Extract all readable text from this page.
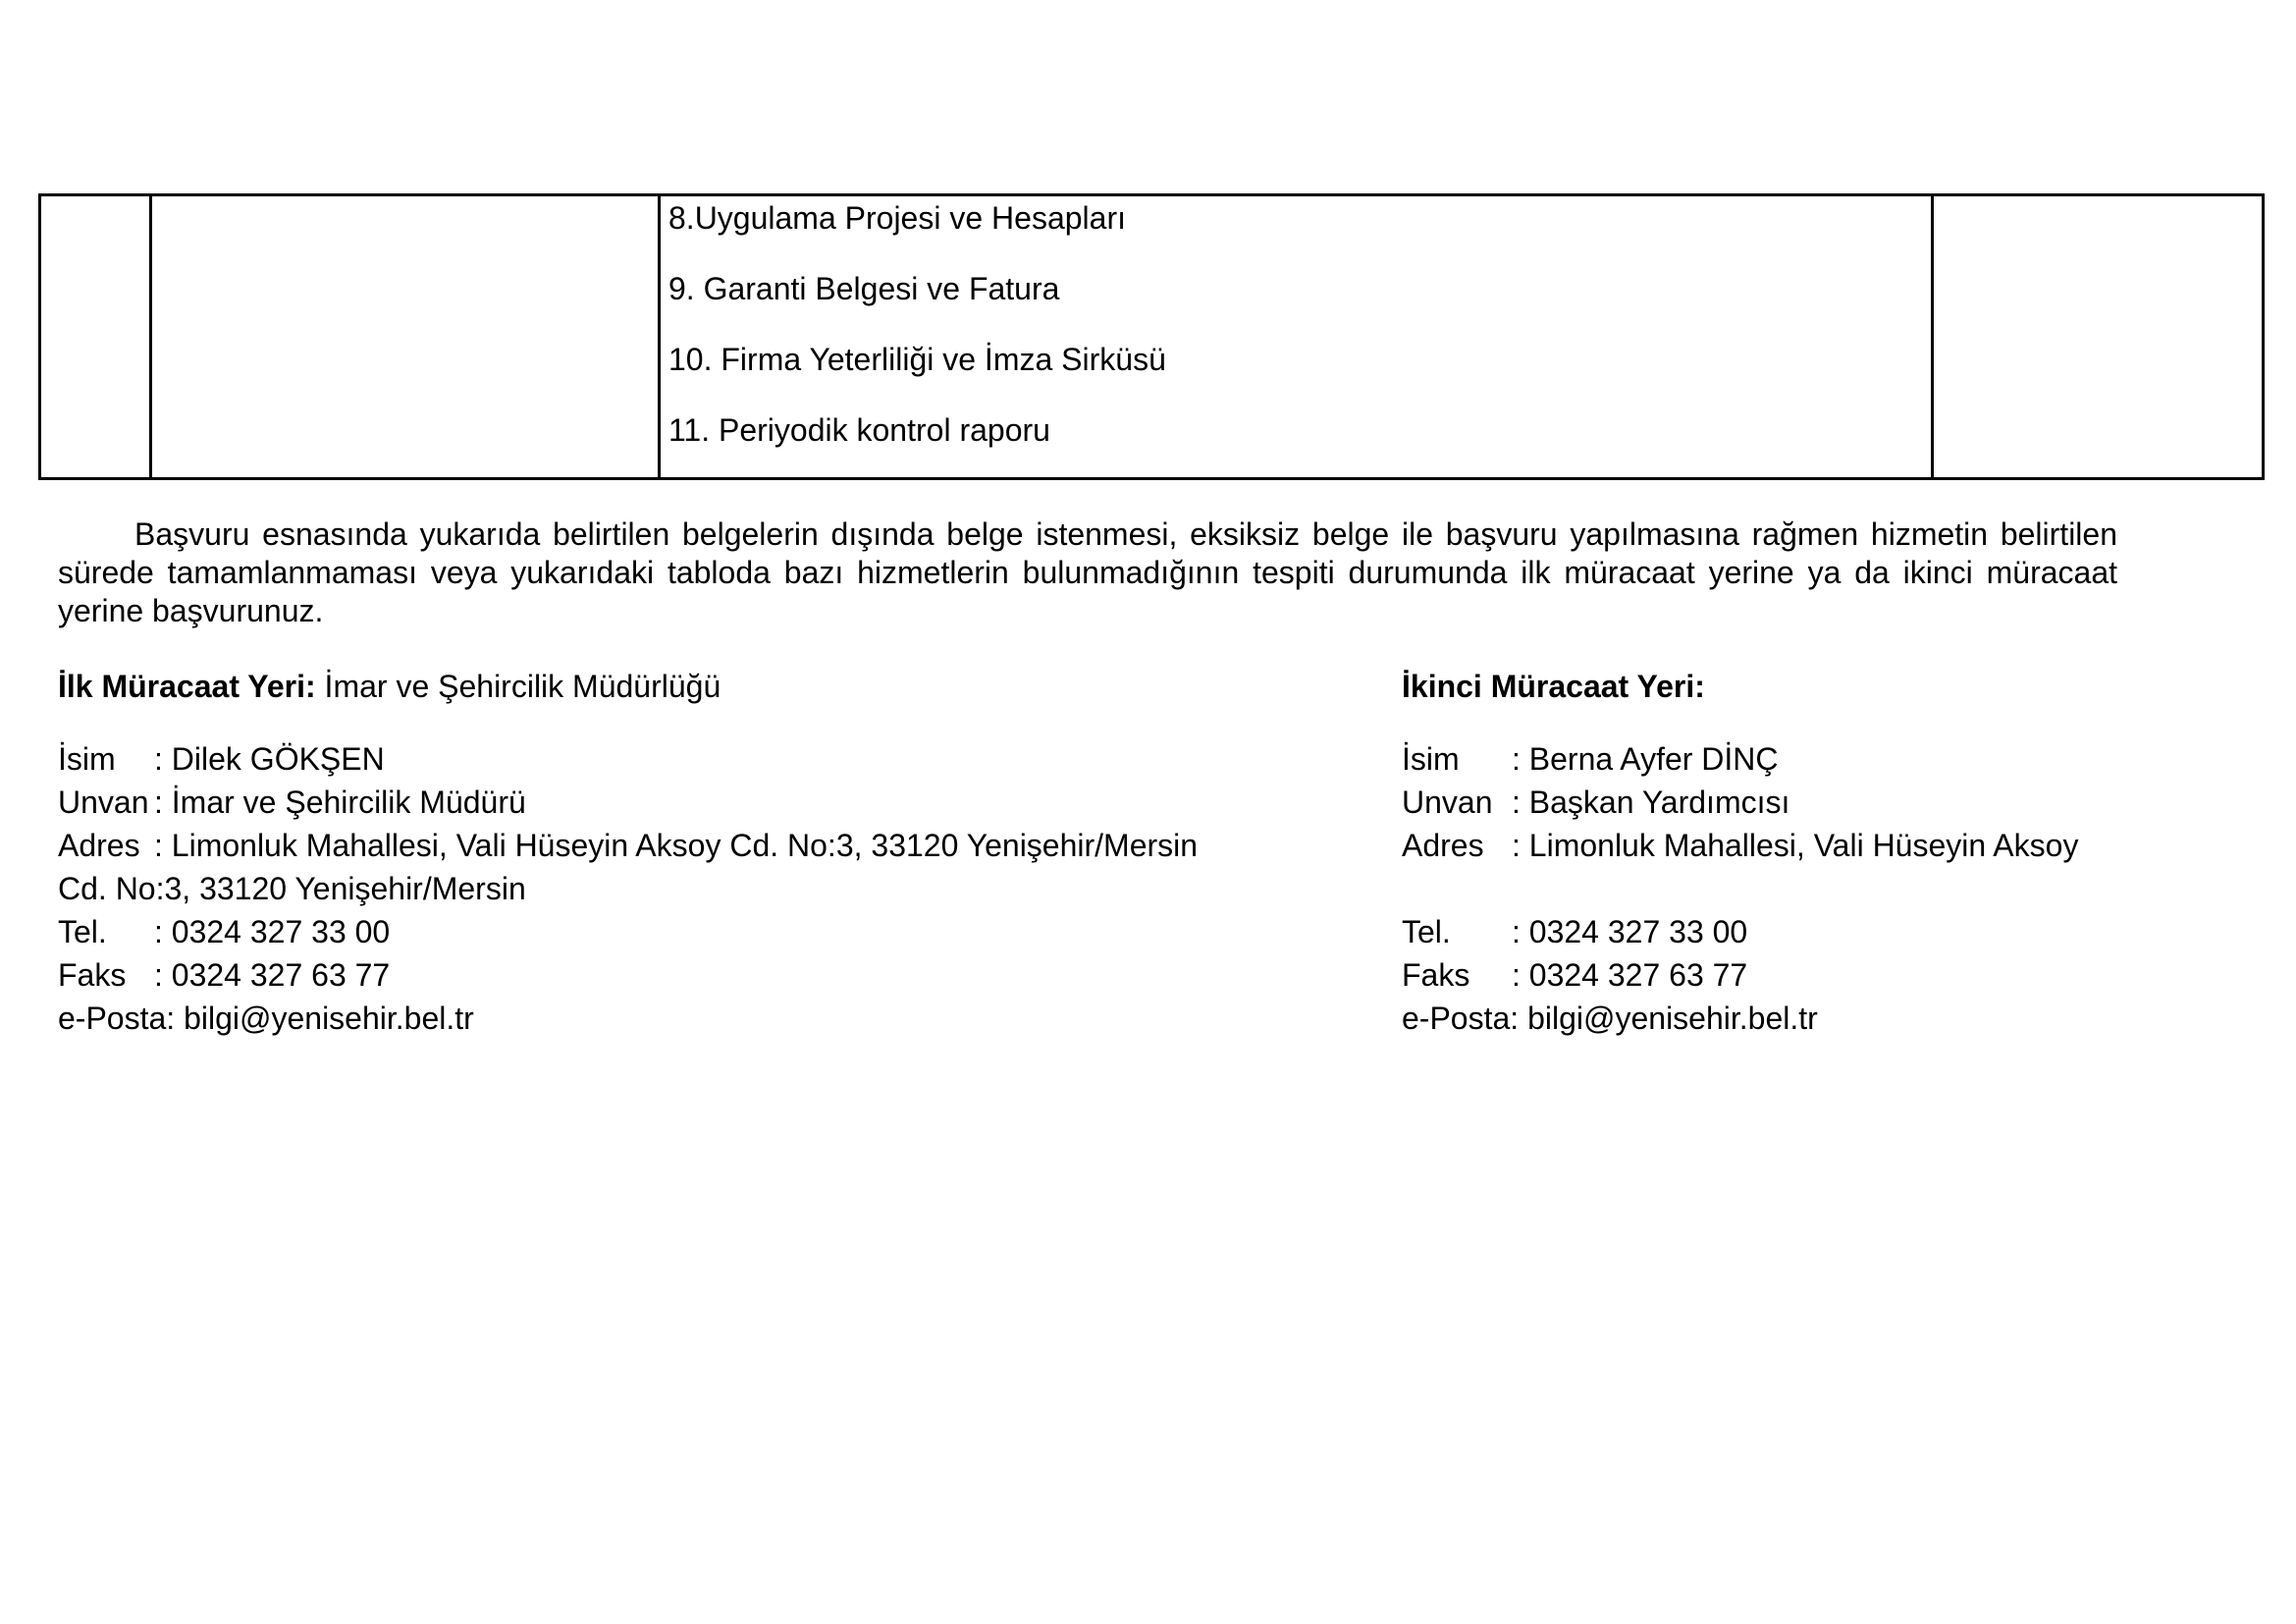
8.Uygulama Projesi ve Hesapları
9. Garanti Belgesi ve Fatura
10. Firma Yeterliliği ve İmza Sirküsü
11. Periyodik kontrol raporu

Başvuru esnasında yukarıda belirtilen belgelerin dışında belge istenmesi, eksiksiz belge ile başvuru yapılmasına rağmen hizmetin belirtilen sürede tamamlanmaması veya yukarıdaki tabloda bazı hizmetlerin bulunmadığının tespiti durumunda ilk müracaat yerine ya da ikinci müracaat yerine başvurunuz.

İlk Müracaat Yeri: İmar ve Şehircilik Müdürlüğü
İsim	: Dilek GÖKŞEN
Unvan : İmar ve Şehircilik Müdürü
Adres : Limonluk Mahallesi, Vali Hüseyin Aksoy Cd. No:3, 33120 Yenişehir/Mersin
Cd. No:3, 33120 Yenişehir/Mersin
Tel.	: 0324 327 33 00
Faks : 0324 327 63 77
e-Posta : bilgi@yenisehir.bel.tr
İkinci Müracaat Yeri:
İsim	: Berna Ayfer DİNÇ
Unvan : Başkan Yardımcısı
Adres : Limonluk Mahallesi, Vali Hüseyin Aksoy
Tel.	: 0324 327 33 00
Faks	: 0324 327 63 77
e-Posta : bilgi@yenisehir.bel.tr
